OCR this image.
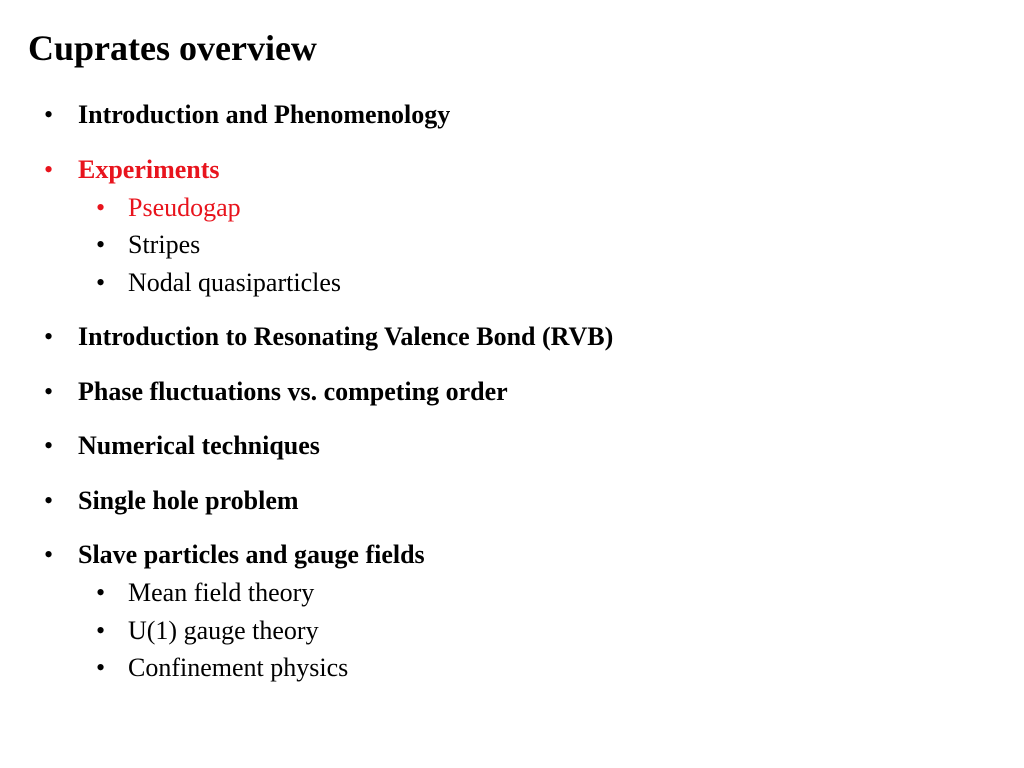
Cuprates overview
• Introduction and Phenomenology
• Experiments
• Pseudogap
• Stripes
• Nodal quasiparticles
• Introduction to Resonating Valence Bond (RVB)
• Phase fluctuations vs. competing order
• Numerical techniques
• Single hole problem
• Slave particles and gauge fields
• Mean field theory
• U(1) gauge theory
• Confinement physics
